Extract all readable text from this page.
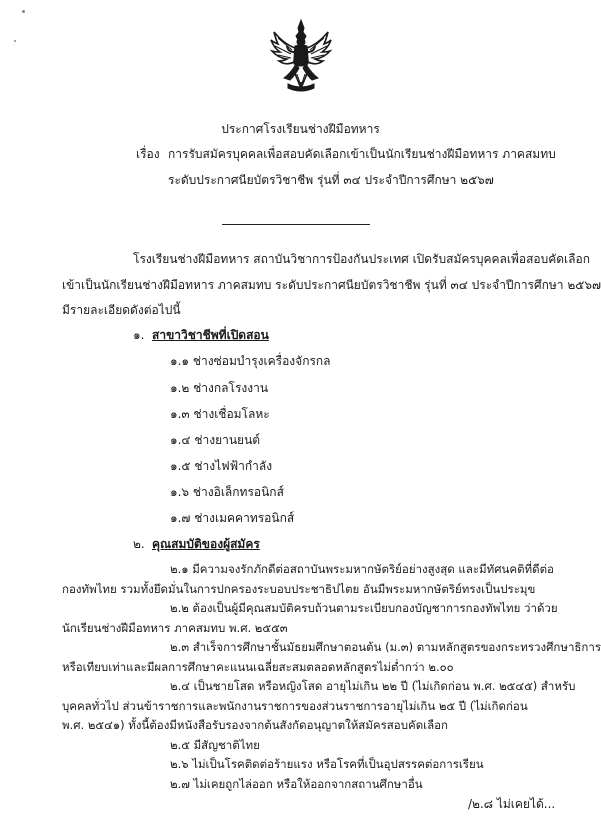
ประกาศโรงเรียนช่างฝีมือทหาร
เรื่อง การรับสมัครบุคคลเพื่อสอบคัดเลือกเข้าเป็นนักเรียนช่างฝีมือทหาร ภาคสมทบ
ระดับประกาศนียบัตรวิชาชีพ รุ่นที่ ๓๔ ประจำปีการศึกษา ๒๕๖๗
โรงเรียนช่างฝีมือทหาร สถาบันวิชาการป้องกันประเทศ เปิดรับสมัครบุคคลเพื่อสอบคัดเลือก
เข้าเป็นนักเรียนช่างฝีมือทหาร ภาคสมทบ ระดับประกาศนียบัตรวิชาชีพ รุ่นที่ ๓๔ ประจำปีการศึกษา ๒๕๖๗
มีรายละเอียดดังต่อไปนี้
๑. สาขาวิชาชีพที่เปิดสอน
๑.๑ ช่างซ่อมบำรุงเครื่องจักรกล
๑.๒ ช่างกลโรงงาน
๑.๓ ช่างเชื่อมโลหะ
๑.๔ ช่างยานยนต์
๑.๕ ช่างไฟฟ้ากำลัง
๑.๖ ช่างอิเล็กทรอนิกส์
๑.๗ ช่างเมคคาทรอนิกส์
๒. คุณสมบัติของผู้สมัคร
/๒.๘ ไม่เคยได้...
๒.๑ มีความจงรักภักดีต่อสถาบันพระมหากษัตริย์อย่างสูงสุด และมีทัศนคติที่ดีต่อ
กองทัพไทย รวมทั้งยึดมั่นในการปกครองระบอบประชาธิปไตย อันมีพระมหากษัตริย์ทรงเป็นประมุข
๒.๒ ต้องเป็นผู้มีคุณสมบัติครบถ้วนตามระเบียบกองบัญชาการกองทัพไทย ว่าด้วย
นักเรียนช่างฝีมือทหาร ภาคสมทบ พ.ศ. ๒๕๕๓
๒.๓ สำเร็จการศึกษาชั้นมัธยมศึกษาตอนต้น (ม.๓) ตามหลักสูตรของกระทรวงศึกษาธิการ
หรือเทียบเท่าและมีผลการศึกษาคะแนนเฉลี่ยสะสมตลอดหลักสูตรไม่ต่ำกว่า ๒.๐๐
๒.๔ เป็นชายโสด หรือหญิงโสด อายุไม่เกิน ๒๒ ปี (ไม่เกิดก่อน พ.ศ. ๒๕๔๕) สำหรับ
บุคคลทั่วไป ส่วนข้าราชการและพนักงานราชการของส่วนราชการอายุไม่เกิน ๒๕ ปี (ไม่เกิดก่อน
พ.ศ. ๒๕๔๑) ทั้งนี้ต้องมีหนังสือรับรองจากต้นสังกัดอนุญาตให้สมัครสอบคัดเลือก
๒.๕ มีสัญชาติไทย
๒.๖ ไม่เป็นโรคติดต่อร้ายแรง หรือโรคที่เป็นอุปสรรคต่อการเรียน
๒.๗ ไม่เคยถูกไล่ออก หรือให้ออกจากสถานศึกษาอื่น
